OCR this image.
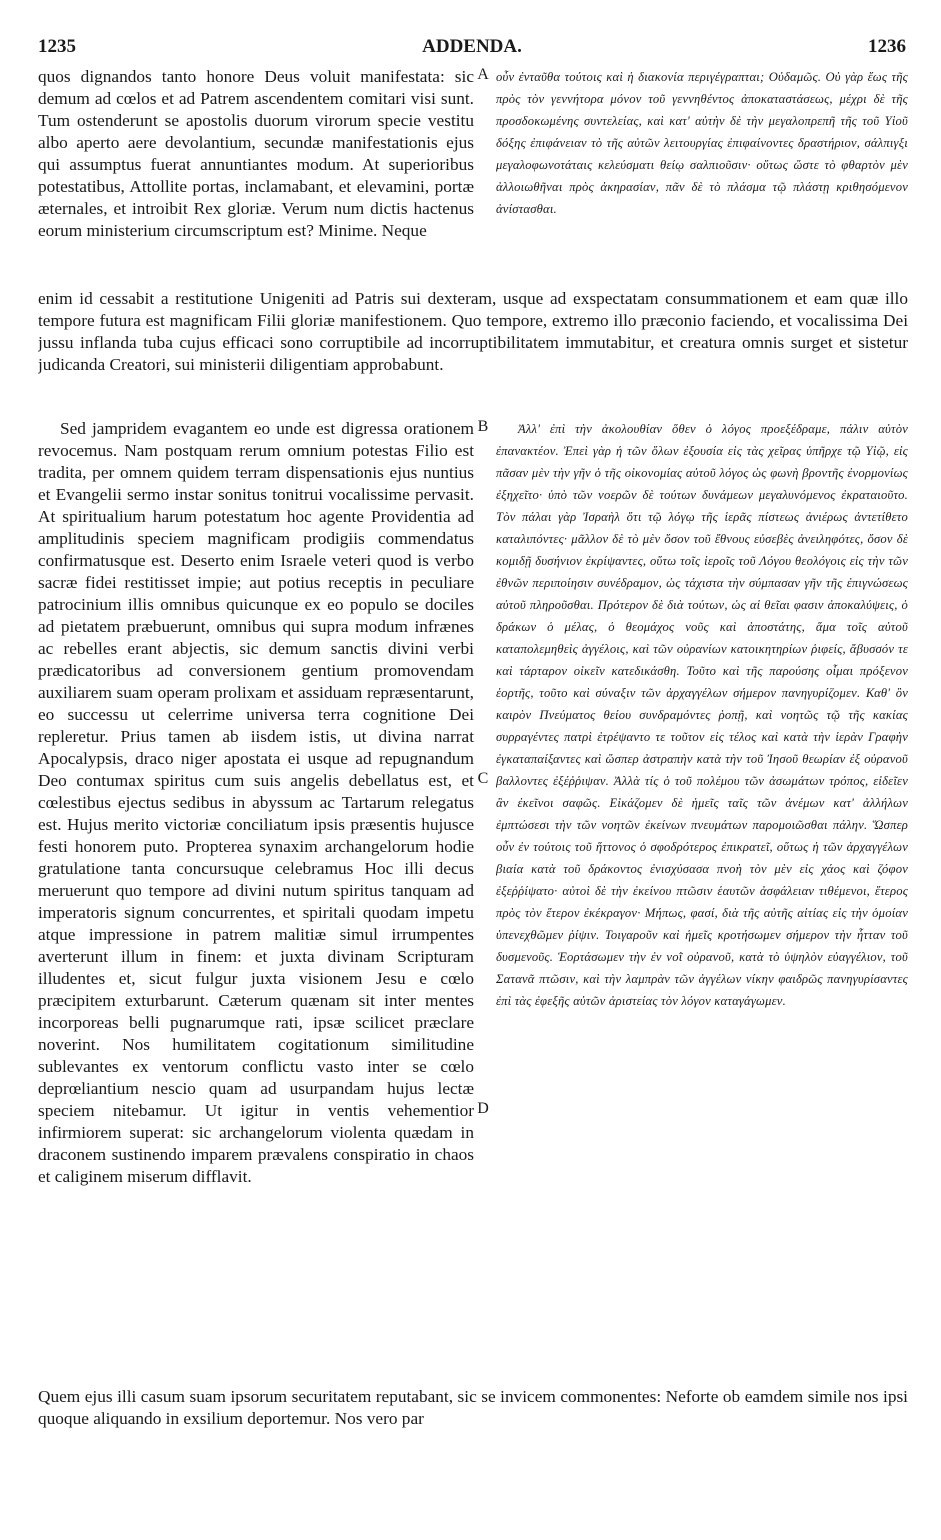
1235	ADDENDA.	1236

quos dignandos tanto honore Deus voluit manifestata: sic demum ad cœlos et ad Patrem ascendentem comitari visi sunt. Tum ostenderunt se apostolis duorum virorum specie vestitu albo aperto aere devolantium, secundæ manifestationis ejus qui assumptus fuerat annuntiantes modum. At superioribus potestatibus, Attollite portas, inclamabant, et elevamini, portæ æternales, et introibit Rex gloriæ. Verum num dictis hactenus eorum ministerium circumscriptum est? Minime. Neque

A οὖν ἐνταῦθα τούτοις καὶ ἡ διακονία περιγέγραπται; Οὐδαμῶς. Οὐ γὰρ ἕως τῆς πρὸς τὸν γεννήτορα μόνον τοῦ γεννηθέντος ἀποκαταστάσεως, μέχρι δὲ τῆς προσδοκωμένης συντελείας, καὶ κατ' αὐτὴν δὲ τὴν μεγαλοπρεπῆ τῆς τοῦ Υἱοῦ δόξης ἐπιφάνειαν τὸ τῆς αὐτῶν λειτουργίας ἐπιφαίνοντες δραστήριον, σάλπιγξι μεγαλοφωνοτάταις κελεύσματι θείῳ σαλπιοῦσιν· οὕτως ὥστε τὸ φθαρτὸν μὲν ἀλλοιωθῆναι πρὸς ἀκηρασίαν, πᾶν δὲ τὸ πλάσμα τῷ πλάστῃ κριθησόμενον ἀνίστασθαι.

enim id cessabit a restitutione Unigeniti ad Patris sui dexteram, usque ad exspectatam consummationem et eam quæ illo tempore futura est magnificam Filii gloriæ manifestionem. Quo tempore, extremo illo præconio faciendo, et vocalissima Dei jussu inflanda tuba cujus efficaci sono corruptibile ad incorruptibilitatem immutabitur, et creatura omnis surget et sistetur judicanda Creatori, sui ministerii diligentiam approbabunt.

Sed jampridem evagantem eo unde est digressa orationem revocemus. Nam postquam rerum omnium potestas Filio est tradita, per omnem quidem terram dispensationis ejus nuntius et Evangelii sermo instar sonitus tonitrui vocalissime pervasit. At spiritualium harum potestatum hoc agente Providentia ad amplitudinis speciem magnificam prodigiis commendatus confirmatusque est. Deserto enim Israele veteri quod is verbo sacræ fidei restitisset impie; aut potius receptis in peculiare patrocinium illis omnibus quicunque ex eo populo se dociles ad pietatem præbuerunt, omnibus qui supra modum infrænes ac rebelles erant abjectis, sic demum sanctis divini verbi prædicatoribus ad conversionem gentium promovendam auxiliarem suam operam prolixam et assiduam repræsentarunt, eo successu ut celerrime universa terra cognitione Dei repleretur. Prius tamen ab iisdem istis, ut divina narrat Apocalypsis, draco niger apostata ei usque ad repugnandum Deo contumax spiritus cum suis angelis debellatus est, et cœlestibus ejectus sedibus in abyssum ac Tartarum relegatus est. Hujus merito victoriæ conciliatum ipsis præsentis hujusce festi honorem puto. Propterea synaxim archangelorum hodie gratulatione tanta concursuque celebramus Hoc illi decus meruerunt quo tempore ad divini nutum spiritus tanquam ad imperatoris signum concurrentes, et spiritali quodam impetu atque impressione in patrem malitiæ simul irrumpentes averterunt illum in finem: et juxta divinam Scripturam illudentes et, sicut fulgur juxta visionem Jesu e cœlo præcipitem exturbarunt. Cæterum quænam sit inter mentes incorporeas belli pugnarumque rati, ipsæ scilicet præclare noverint. Nos humilitatem cogitationum similitudine sublevantes ex ventorum conflictu vasto inter se cœlo deprœliantium nescio quam ad usurpandam hujus lectæ speciem nitebamur. Ut igitur in ventis vehementior infirmiorem superat: sic archangelorum violenta quædam in draconem sustinendo imparem prævalens conspiratio in chaos et caliginem miserum difflavit.

B
C
D

Ἀλλ' ἐπὶ τὴν ἀκολουθίαν ὅθεν ὁ λόγος προεξέδραμε, πάλιν αὐτὸν ἐπανακτέον. Ἐπεὶ γὰρ ἡ τῶν ὅλων ἐξουσία εἰς τὰς χεῖρας ὑπῆρχε τῷ Υἱῷ, εἰς πᾶσαν μὲν τὴν γῆν ὁ τῆς οἰκονομίας αὐτοῦ λόγος ὡς φωνὴ βροντῆς ἐνορμονίως ἐξηχεῖτο· ὑπὸ τῶν νοερῶν δὲ τούτων δυνάμεων μεγαλυνόμενος ἐκραταιοῦτο. Τὸν πάλαι γὰρ Ἰσραὴλ ὅτι τῷ λόγῳ τῆς ἱερᾶς πίστεως ἀνιέρως ἀντετίθετο καταλιπόντες· μᾶλλον δὲ τὸ μὲν ὅσον τοῦ ἔθνους εὐσεβὲς ἀνειληφότες, ὅσον δὲ κομιδῇ δυσήνιον ἐκρίψαντες, οὕτω τοῖς ἱεροῖς τοῦ Λόγου θεολόγοις εἰς τὴν τῶν ἐθνῶν περιποίησιν συνέδραμον, ὡς τάχιστα τὴν σύμπασαν γῆν τῆς ἐπιγνώσεως αὐτοῦ πληροῦσθαι. Πρότερον δὲ διὰ τούτων, ὡς αἱ θεῖαι φασιν ἀποκαλύψεις, ὁ δράκων ὁ μέλας, ὁ θεομάχος νοῦς καὶ ἀποστάτης, ἅμα τοῖς αὐτοῦ καταπολεμηθεὶς ἀγγέλοις, καὶ τῶν οὐρανίων κατοικητηρίων ῥιφείς, ἄβυσσόν τε καὶ τάρταρον οἰκεῖν κατεδικάσθη. Τοῦτο καὶ τῆς παρούσης οἶμαι πρόξενον ἑορτῆς, τοῦτο καὶ σύναξιν τῶν ἀρχαγγέλων σήμερον πανηγυρίζομεν. Καθ' ὃν καιρὸν Πνεύματος θείου συνδραμόντες ῥοπῇ, καὶ νοητῶς τῷ τῆς κακίας συρραγέντες πατρὶ ἐτρέψαντο τε τοῦτον εἰς τέλος καὶ κατὰ τὴν ἱερὰν Γραφὴν ἐγκαταπαίξαντες καὶ ὥσπερ ἀστραπὴν κατὰ τὴν τοῦ Ἰησοῦ θεωρίαν ἐξ οὐρανοῦ βαλλοντες ἐξέῤῥιψαν. Ἀλλὰ τίς ὁ τοῦ πολέμου τῶν ἀσωμάτων τρόπος, εἰδεῖεν ἂν ἐκεῖνοι σαφῶς. Εἰκάζομεν δὲ ἡμεῖς ταῖς τῶν ἀνέμων κατ' ἀλλήλων ἐμπτώσεσι τὴν τῶν νοητῶν ἐκείνων πνευμάτων παρομοιῶσθαι πάλην. Ὥσπερ οὖν ἐν τούτοις τοῦ ἥττονος ὁ σφοδρότερος ἐπικρατεῖ, οὕτως ἡ τῶν ἀρχαγγέλων βιαία κατὰ τοῦ δράκοντος ἐνισχύσασα πνοὴ τὸν μὲν εἰς χάος καὶ ζόφον ἐξεῤῥίψατο· αὐτοὶ δὲ τὴν ἐκείνου πτῶσιν ἑαυτῶν ἀσφάλειαν τιθέμενοι, ἕτερος πρὸς τὸν ἕτερον ἐκέκραγον· Μήπως, φασί, διὰ τῆς αὐτῆς αἰτίας εἰς τὴν ὁμοίαν ὑπενεχθῶμεν ῥίψιν. Τοιγαροῦν καὶ ἡμεῖς κροτήσωμεν σήμερον τὴν ἧτταν τοῦ δυσμενοῦς. Ἑορτάσωμεν τὴν ἐν νοῒ οὐρανοῦ, κατὰ τὸ ὑψηλὸν εὐαγγέλιον, τοῦ Σατανᾶ πτῶσιν, καὶ τὴν λαμπρὰν τῶν ἀγγέλων νίκην φαιδρῶς πανηγυρίσαντες ἐπὶ τὰς ἐφεξῆς αὐτῶν ἀριστείας τὸν λόγον καταγάγωμεν.

Quem ejus illi casum suam ipsorum securitatem reputabant, sic se invicem commonentes: Neforte ob eamdem simile nos ipsi quoque aliquando in exsilium deportemur. Nos vero par
